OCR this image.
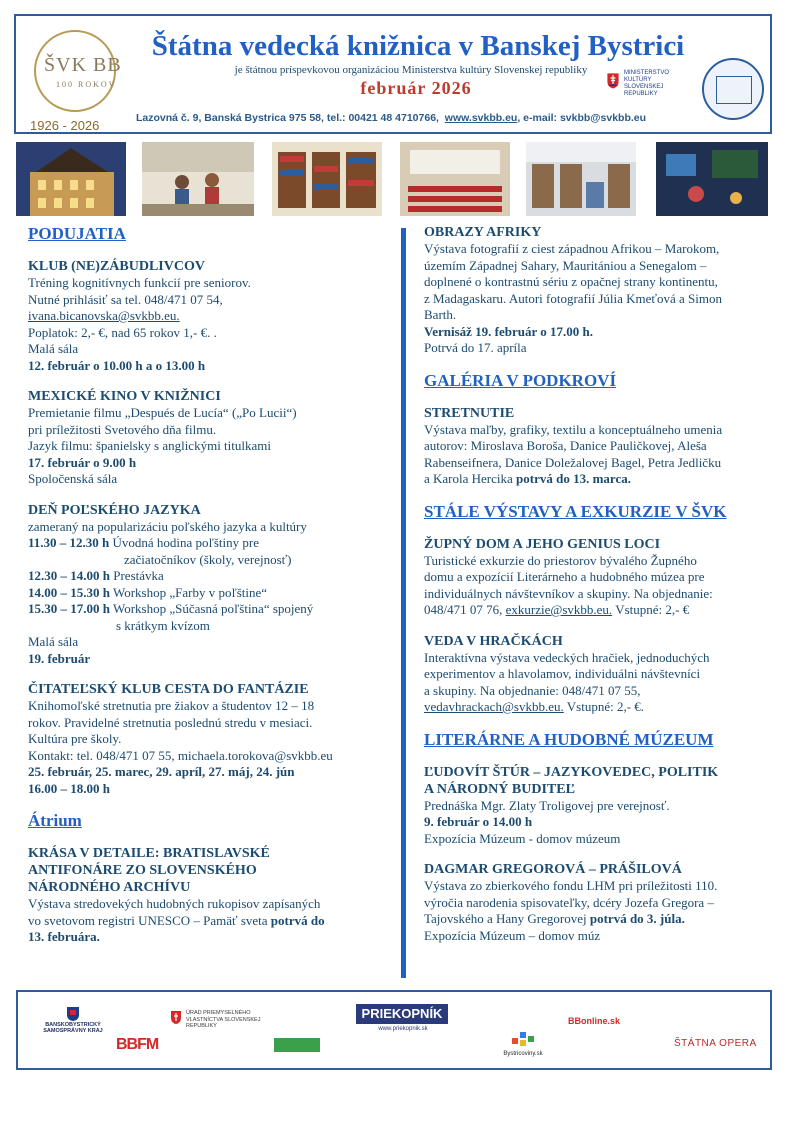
ŠVK BB
100 ROKOV
1926 - 2026
Štátna vedecká knižnica v Banskej Bystrici
je štátnou príspevkovou organizáciou Ministerstva kultúry Slovenskej republiky
február 2026
MINISTERSTVO
KULTÚRY
SLOVENSKEJ REPUBLIKY
Lazovná č. 9, Banská Bystrica 975 58, tel.: 00421 48 4710766, www.svkbb.eu, e-mail: svkbb@svkbb.eu
PODUJATIA
KLUB (NE)ZÁBUDLIVCOV
Tréning kognitívnych funkcií pre seniorov.
Nutné prihlásiť sa tel. 048/471 07 54,
ivana.bicanovska@svkbb.eu.
Poplatok: 2,- €, nad 65 rokov 1,- €. .
Malá sála
12. február o 10.00 h a o 13.00 h
MEXICKÉ KINO V KNIŽNICI
Premietanie filmu „Después de Lucía“ („Po Lucii“)
pri príležitosti Svetového dňa filmu.
Jazyk filmu: španielsky s anglickými titulkami
17. február o 9.00 h
Spoločenská sála
DEŇ POĽSKÉHO JAZYKA
zameraný na popularizáciu poľského jazyka a kultúry
11.30 – 12.30 h Úvodná hodina poľštiny pre
začiatočníkov (školy, verejnosť)
12.30 – 14.00 h Prestávka
14.00 – 15.30 h Workshop „Farby v poľštine“
15.30 – 17.00 h Workshop „Súčasná poľština“ spojený
s krátkym kvízom
Malá sála
19. február
ČITATEĽSKÝ KLUB CESTA DO FANTÁZIE
Knihomoľské stretnutia pre žiakov a študentov 12 – 18
rokov. Pravidelné stretnutia poslednú stredu v mesiaci.
Kultúra pre školy.
Kontakt: tel. 048/471 07 55, michaela.torokova@svkbb.eu
25. február, 25. marec, 29. apríl, 27. máj, 24. jún
16.00 – 18.00 h
Átrium
KRÁSA V DETAILE: BRATISLAVSKÉ
ANTIFONÁRE ZO SLOVENSKÉHO
NÁRODNÉHO ARCHÍVU
Výstava stredovekých hudobných rukopisov zapísaných
vo svetovom registri UNESCO – Pamäť sveta potrvá do
13. februára.
OBRAZY AFRIKY
Výstava fotografií z ciest západnou Afrikou – Marokom,
územím Západnej Sahary, Mauritániou a Senegalom –
doplnené o kontrastnú sériu z opačnej strany kontinentu,
z Madagaskaru. Autori fotografií Júlia Kmeťová a Simon
Barth.
Vernisáž 19. február o 17.00 h.
Potrvá do 17. apríla
GALÉRIA V PODKROVÍ
STRETNUTIE
Výstava maľby, grafiky, textilu a konceptuálneho umenia
autorov: Miroslava Boroša, Danice Pauličkovej, Aleša
Rabenseifnera, Danice Doležalovej Bagel, Petra Jedličku
a Karola Hercika potrvá do 13. marca.
STÁLE VÝSTAVY A EXKURZIE V ŠVK
ŽUPNÝ DOM A JEHO GENIUS LOCI
Turistické exkurzie do priestorov bývalého Župného
domu a expozícií Literárneho a hudobného múzea pre
individuálnych návštevníkov a skupiny. Na objednanie:
048/471 07 76, exkurzie@svkbb.eu. Vstupné: 2,- €
VEDA V HRAČKÁCH
Interaktívna výstava vedeckých hračiek, jednoduchých
experimentov a hlavolamov, individuálni návštevníci
a skupiny. Na objednanie: 048/471 07 55,
vedavhrackach@svkbb.eu. Vstupné: 2,- €.
LITERÁRNE A HUDOBNÉ MÚZEUM
ĽUDOVÍT ŠTÚR – JAZYKOVEDEC, POLITIK
A NÁRODNÝ BUDITEĽ
Prednáška Mgr. Zlaty Troligovej pre verejnosť.
9. február o 14.00 h
Expozícia Múzeum - domov múzeum
DAGMAR GREGOROVÁ – PRÁŠILOVÁ
Výstava zo zbierkového fondu LHM pri príležitosti 110.
výročia narodenia spisovateľky, dcéry Jozefa Gregora –
Tajovského a Hany Gregorovej potrvá do 3. júla.
Expozícia Múzeum – domov múz
BANSKOBYSTRICKÝ SAMOSPRÁVNY KRAJ
ÚRAD PRIEMYSELNÉHO VLASTNÍCTVA SLOVENSKEJ REPUBLIKY
PRIEKOPNÍK
www.priekopnik.sk
BBonline.sk
BBFM
Bystricoviny.sk
ŠTÁTNA OPERA
